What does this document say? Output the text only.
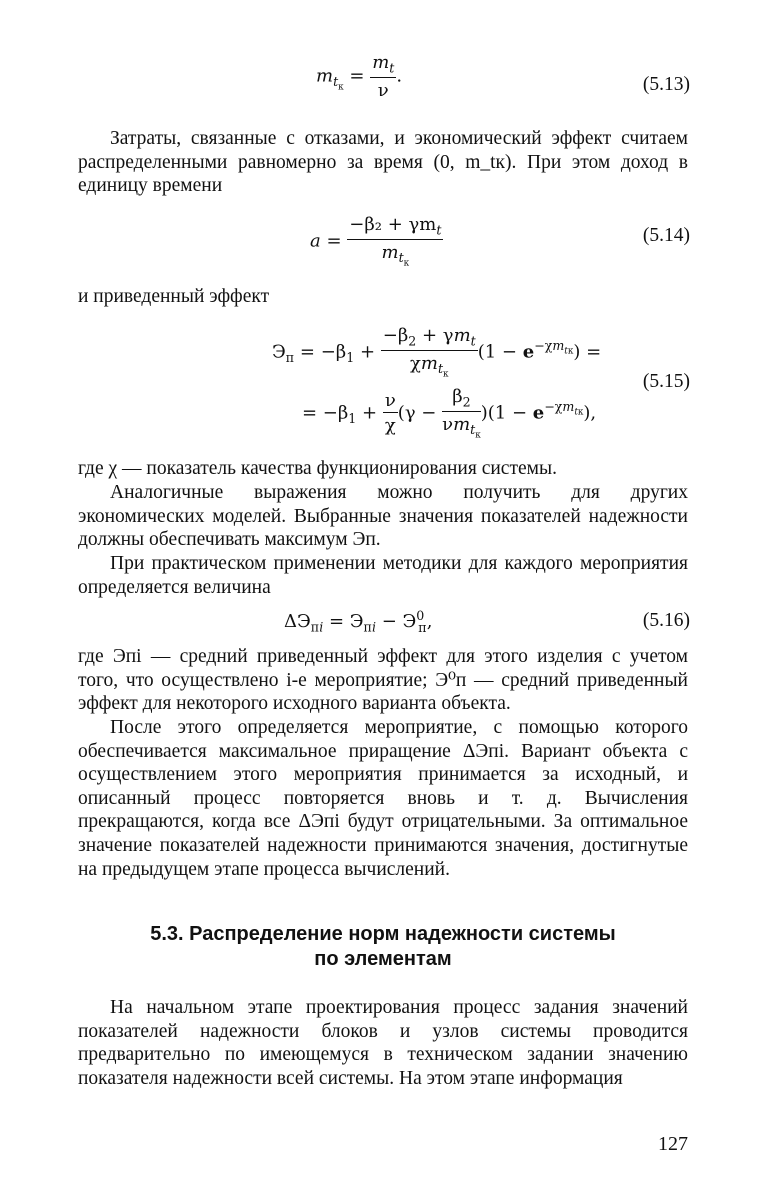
$m_{t_к} = \frac{m_t}{\nu}$ .	(5.13)
Затраты, связанные с отказами, и экономический эффект считаем распределенными равномерно за время (0, m_tк). При этом доход в единицу времени
$a = \frac{-\beta_2 + \gamma m_t}{m_{t_к}}$	(5.14)
и приведенный эффект
$Э_п = -\beta_1 + \frac{-\beta_2 + \gamma m_t}{\chi m_{t_к}} (1 - e^{-\chi m_{tк}})$ =
= $-\beta_1 + \frac{\nu}{\chi} (\gamma - \frac{\beta_2}{\nu m_{t_к}} )(1 - e^{-\chi m_{tк}})$,
(5.15)
где χ — показатель качества функционирования системы.
Аналогичные выражения можно получить для других экономических моделей. Выбранные значения показателей надежности должны обеспечивать максимум Эп.
При практическом применении методики для каждого мероприятия определяется величина
$\Delta Э_{пi} = Э_{пi} - Э^0_п$,	(5.16)
где Эпi — средний приведенный эффект для этого изделия с учетом того, что осуществлено i-е мероприятие; Э⁰п — средний приведенный эффект для некоторого исходного варианта объекта.
После этого определяется мероприятие, с помощью которого обеспечивается максимальное приращение ΔЭпi. Вариант объекта с осуществлением этого мероприятия принимается за исходный, и описанный процесс повторяется вновь и т. д. Вычисления прекращаются, когда все ΔЭпi будут отрицательными. За оптимальное значение показателей надежности принимаются значения, достигнутые на предыдущем этапе процесса вычислений.
5.3. Распределение норм надежности системы
по элементам
На начальном этапе проектирования процесс задания значений показателей надежности блоков и узлов системы проводится предварительно по имеющемуся в техническом задании значению показателя надежности всей системы. На этом этапе информация
127
